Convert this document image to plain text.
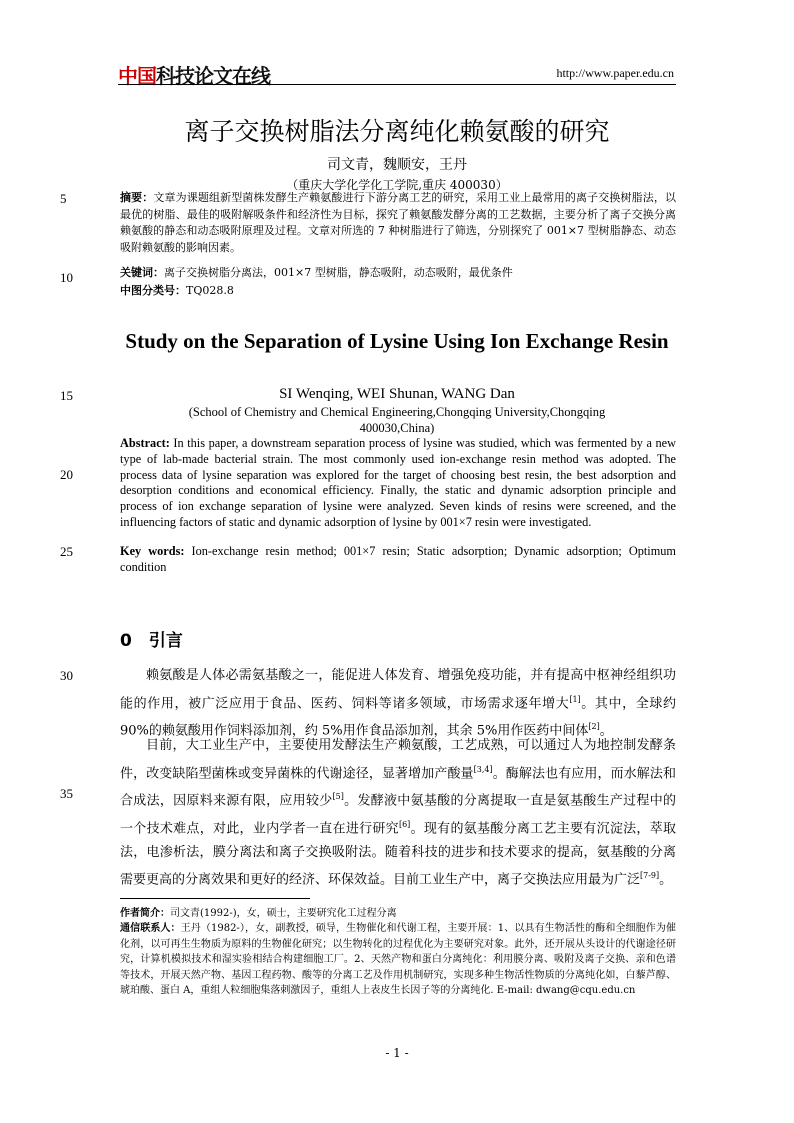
中国科技论文在线	http://www.paper.edu.cn
离子交换树脂法分离纯化赖氨酸的研究
司文青，魏顺安，王丹
（重庆大学化学化工学院,重庆 400030）
5
10
15
20
25
30
35
摘要：文章为课题组新型菌株发酵生产赖氨酸进行下游分离工艺的研究，采用工业上最常用的离子交换树脂法，以最优的树脂、最佳的吸附解吸条件和经济性为目标，探究了赖氨酸发酵分离的工艺数据，主要分析了离子交换分离赖氨酸的静态和动态吸附原理及过程。文章对所选的 7 种树脂进行了筛选，分别探究了 001×7 型树脂静态、动态吸附赖氨酸的影响因素。
关键词：离子交换树脂分离法，001×7 型树脂，静态吸附，动态吸附，最优条件
中图分类号：TQ028.8
Study on the Separation of Lysine Using Ion Exchange Resin
SI Wenqing, WEI Shunan, WANG Dan
(School of Chemistry and Chemical Engineering,Chongqing University,Chongqing 400030,China)
Abstract: In this paper, a downstream separation process of lysine was studied, which was fermented by a new type of lab-made bacterial strain. The most commonly used ion-exchange resin method was adopted. The process data of lysine separation was explored for the target of choosing best resin, the best adsorption and desorption conditions and economical efficiency. Finally, the static and dynamic adsorption principle and process of ion exchange separation of lysine were analyzed. Seven kinds of resins were screened, and the influencing factors of static and dynamic adsorption of lysine by 001×7 resin were investigated.
Key words: Ion-exchange resin method; 001×7 resin; Static adsorption; Dynamic adsorption; Optimum condition
0　引言
赖氨酸是人体必需氨基酸之一，能促进人体发育、增强免疫功能，并有提高中枢神经组织功能的作用，被广泛应用于食品、医药、饲料等诸多领域，市场需求逐年增大[1]。其中，全球约 90%的赖氨酸用作饲料添加剂，约 5%用作食品添加剂，其余 5%用作医药中间体[2]。
目前，大工业生产中，主要使用发酵法生产赖氨酸，工艺成熟，可以通过人为地控制发酵条件，改变缺陷型菌株或变异菌株的代谢途径，显著增加产酸量[3,4]。酶解法也有应用，而水解法和合成法，因原料来源有限，应用较少[5]。发酵液中氨基酸的分离提取一直是氨基酸生产过程中的一个技术难点，对此，业内学者一直在进行研究[6]。现有的氨基酸分离工艺主要有沉淀法，萃取法，电渗析法，膜分离法和离子交换吸附法。随着科技的进步和技术要求的提高，氨基酸的分离需要更高的分离效果和更好的经济、环保效益。目前工业生产中，离子交换法应用最为广泛[7-9]。
作者简介：司文青(1992-)，女，硕士，主要研究化工过程分离
通信联系人：王丹（1982-），女，副教授，硕导，生物催化和代谢工程，主要开展：1、以具有生物活性的酶和全细胞作为催化剂，以可再生生物质为原料的生物催化研究；以生物转化的过程优化为主要研究对象。此外，还开展从头设计的代谢途径研究，计算机模拟技术和湿实验相结合构建细胞工厂。2、天然产物和蛋白分离纯化：利用膜分离、吸附及离子交换、亲和色谱等技术，开展天然产物、基因工程药物、酸等的分离工艺及作用机制研究，实现多种生物活性物质的分离纯化如，白藜芦醇、琥珀酸、蛋白 A，重组人粒细胞集落刺激因子，重组人上表皮生长因子等的分离纯化. E-mail: dwang@cqu.edu.cn
- 1 -
